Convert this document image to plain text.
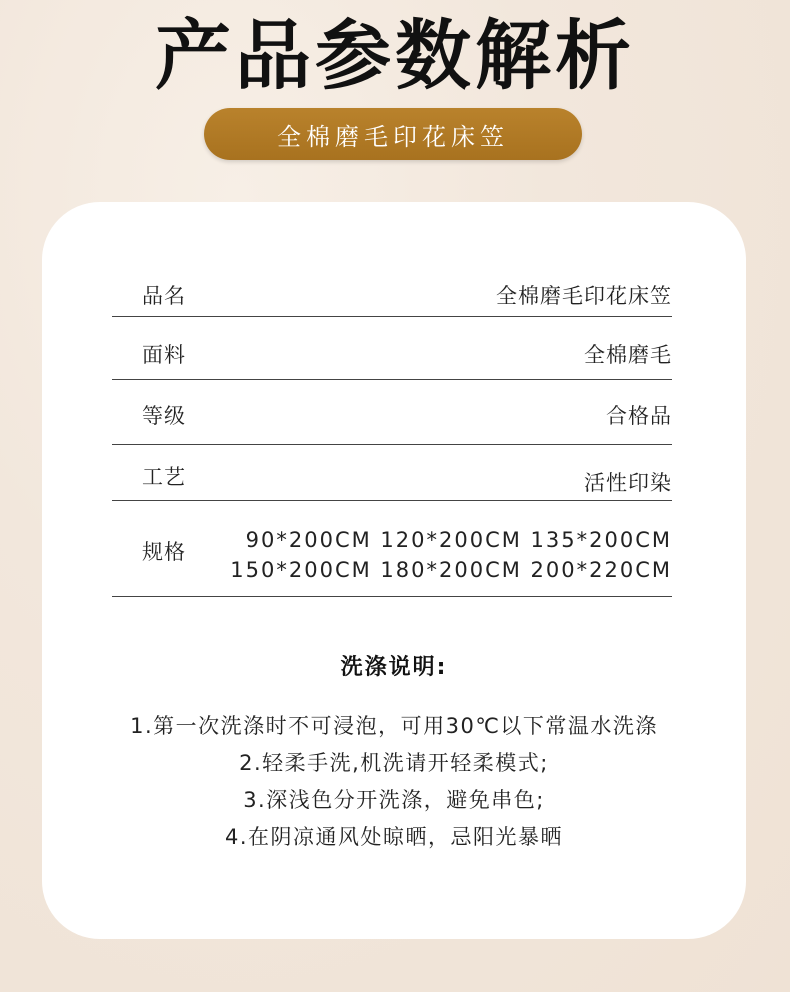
产品参数解析
全棉磨毛印花床笠
品名	全棉磨毛印花床笠
面料	全棉磨毛
等级	合格品
工艺	活性印染
规格	90*200CM 120*200CM 135*200CM
150*200CM 180*200CM 200*220CM
洗涤说明:
1.第一次洗涤时不可浸泡，可用30℃以下常温水洗涤
2.轻柔手洗,机洗请开轻柔模式;
3.深浅色分开洗涤，避免串色;
4.在阴凉通风处晾晒，忌阳光暴晒
